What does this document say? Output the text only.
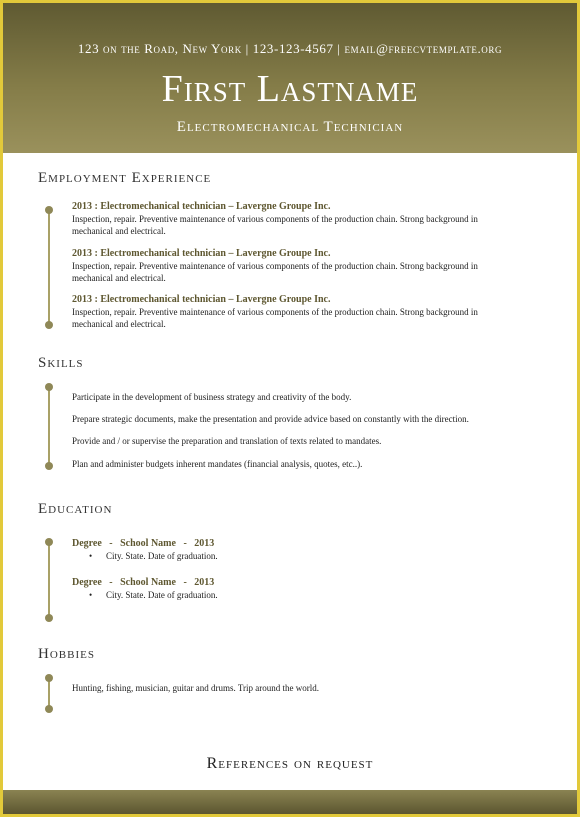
123 on the Road, New York | 123-123-4567 | email@freecvtemplate.org
First Lastname
Electromechanical Technician
Employment Experience
2013 : Electromechanical technician – Lavergne Groupe Inc.
Inspection, repair. Preventive maintenance of various components of the production chain. Strong background in
mechanical and electrical.
2013 : Electromechanical technician – Lavergne Groupe Inc.
Inspection, repair. Preventive maintenance of various components of the production chain. Strong background in
mechanical and electrical.
2013 : Electromechanical technician – Lavergne Groupe Inc.
Inspection, repair. Preventive maintenance of various components of the production chain. Strong background in
mechanical and electrical.
Skills
Participate in the development of business strategy and creativity of the body.
Prepare strategic documents, make the presentation and provide advice based on constantly with the direction.
Provide and / or supervise the preparation and translation of texts related to mandates.
Plan and administer budgets inherent mandates (financial analysis, quotes, etc..).
Education
Degree   -   School Name   -   2013
• City. State. Date of graduation.
Degree   -   School Name   -   2013
• City. State. Date of graduation.
Hobbies
Hunting, fishing, musician, guitar and drums. Trip around the world.
References on request
